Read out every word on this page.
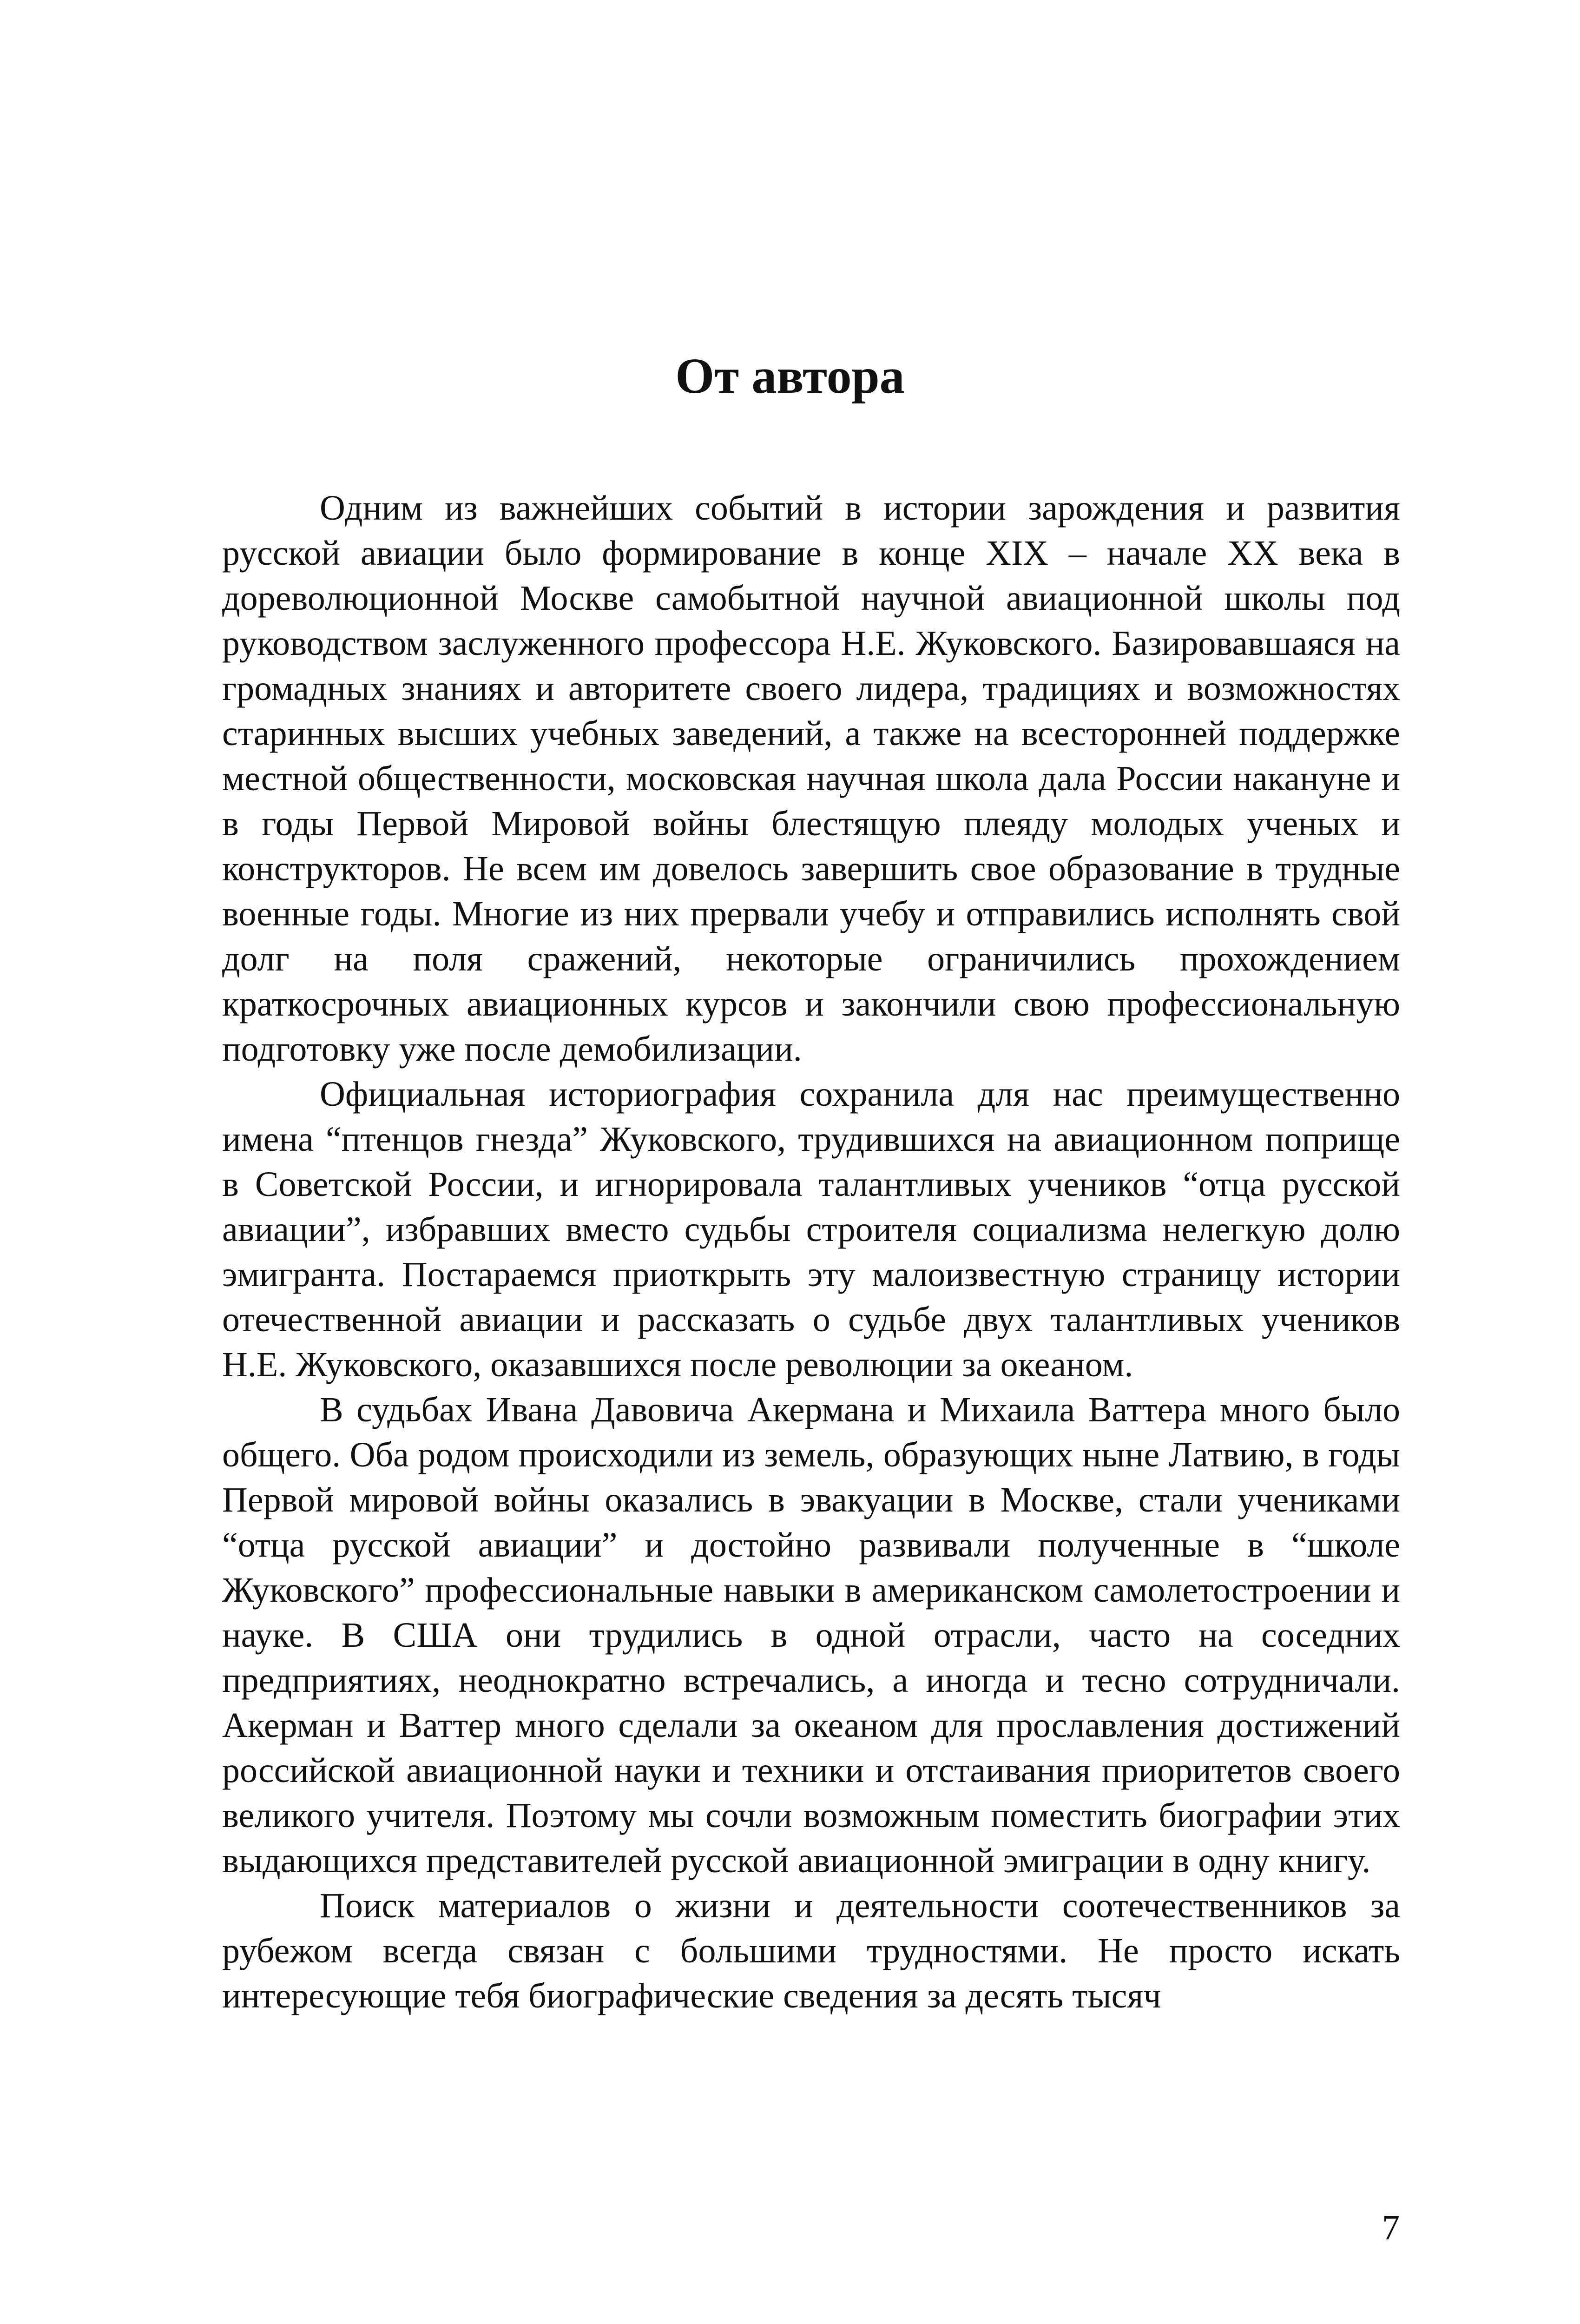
От автора

Одним из важнейших событий в истории зарождения и развития русской авиации было формирование в конце XIX – начале XX века в дореволюционной Москве самобытной научной авиационной школы под руководством заслуженного профессора Н.Е. Жуковского. Базировавшаяся на громадных знаниях и авторитете своего лидера, традициях и возможностях старинных высших учебных заведений, а также на всесторонней поддержке местной общественности, московская научная школа дала России накануне и в годы Первой Мировой войны блестящую плеяду молодых ученых и конструкторов. Не всем им довелось завершить свое образование в трудные военные годы. Многие из них прервали учебу и отправились исполнять свой долг на поля сражений, некоторые ограничились прохождением краткосрочных авиационных курсов и закончили свою профессиональную подготовку уже после демобилизации.

Официальная историография сохранила для нас преимущественно имена “птенцов гнезда” Жуковского, трудившихся на авиационном поприще в Советской России, и игнорировала талантливых учеников “отца русской авиации”, избравших вместо судьбы строителя социализма нелегкую долю эмигранта. Постараемся приоткрыть эту малоизвестную страницу истории отечественной авиации и рассказать о судьбе двух талантливых учеников Н.Е. Жуковского, оказавшихся после революции за океаном.

В судьбах Ивана Давовича Акермана и Михаила Ваттера много было общего. Оба родом происходили из земель, образующих ныне Латвию, в годы Первой мировой войны оказались в эвакуации в Москве, стали учениками “отца русской авиации” и достойно развивали полученные в “школе Жуковского” профессиональные навыки в американском самолетостроении и науке. В США они трудились в одной отрасли, часто на соседних предприятиях, неоднократно встречались, а иногда и тесно сотрудничали. Акерман и Ваттер много сделали за океаном для прославления достижений российской авиационной науки и техники и отстаивания приоритетов своего великого учителя. Поэтому мы сочли возможным поместить биографии этих выдающихся представителей русской авиационной эмиграции в одну книгу.

Поиск материалов о жизни и деятельности соотечественников за рубежом всегда связан с большими трудностями. Не просто искать интересующие тебя биографические сведения за десять тысяч

7
